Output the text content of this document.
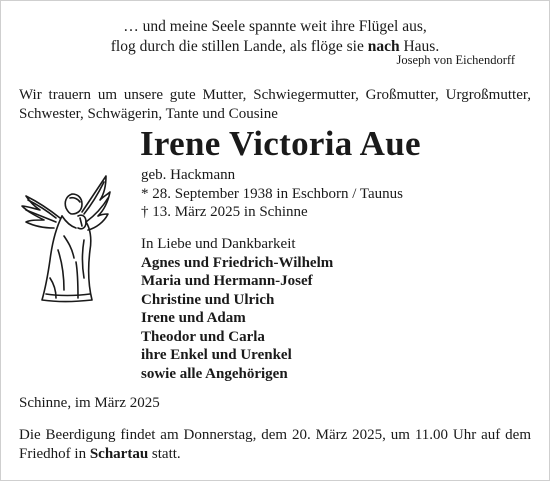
… und meine Seele spannte weit ihre Flügel aus,
flog durch die stillen Lande, als flöge sie nach Haus.
Joseph von Eichendorff
Wir trauern um unsere gute Mutter, Schwiegermutter, Großmutter, Urgroßmutter,
Schwester, Schwägerin, Tante und Cousine
Irene Victoria Aue
geb. Hackmann
* 28. September 1938 in Eschborn / Taunus
† 13. März 2025 in Schinne
In Liebe und Dankbarkeit
Agnes und Friedrich-Wilhelm
Maria und Hermann-Josef
Christine und Ulrich
Irene und Adam
Theodor und Carla
ihre Enkel und Urenkel
sowie alle Angehörigen
Schinne, im März 2025
Die Beerdigung findet am Donnerstag, dem 20. März 2025, um 11.00 Uhr auf dem
Friedhof in Schartau statt.
